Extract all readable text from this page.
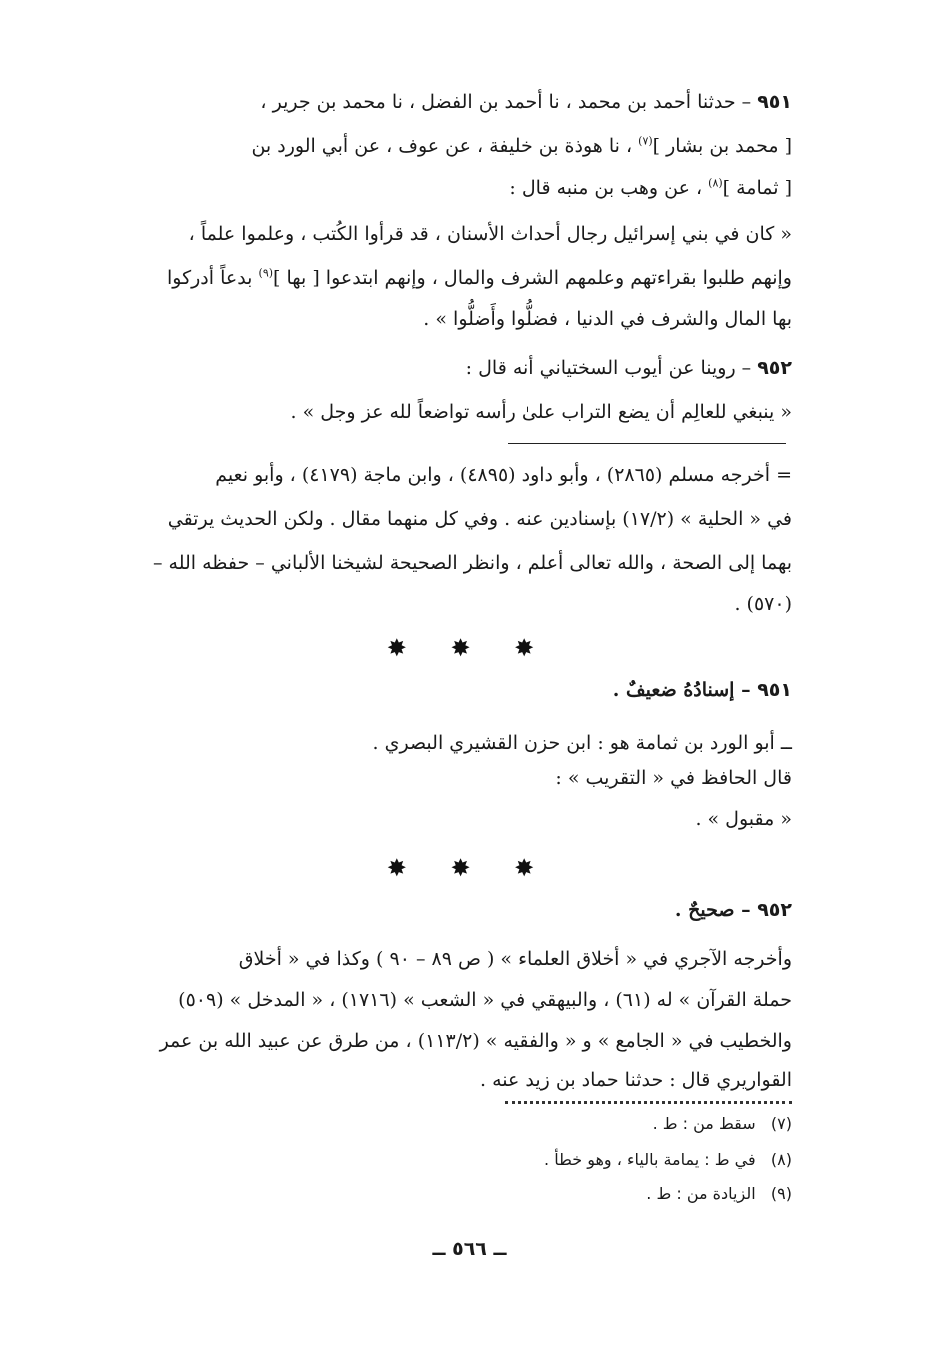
٩٥١ – حدثنا أحمد بن محمد ، نا أحمد بن الفضل ، نا محمد بن جرير ،
[ محمد بن بشار ]$^{(٧)}$ ، نا هوذة بن خليفة ، عن عوف ، عن أبي الورد بن
[ ثمامة ]$^{(٨)}$ ، عن وهب بن منبه قال :
« كان في بني إسرائيل رجال أحداث الأسنان ، قد قرأوا الكُتب ، وعلموا علماً ،
وإنهم طلبوا بقراءتهم وعلمهم الشرف والمال ، وإنهم ابتدعوا [ بها ]$^{(٩)}$ بدعاً أدركوا
بها المال والشرف في الدنيا ، فضلُّوا وأَضلُّوا » .
٩٥٢ – روينا عن أيوب السختياني أنه قال :
« ينبغي للعالِم أن يضع التراب علىٰ رأسه تواضعاً لله عز وجل » .
= أخرجه مسلم (٢٨٦٥) ، وأبو داود (٤٨٩٥) ، وابن ماجة (٤١٧٩) ، وأبو نعيم
في « الحلية » (١٧/٢) بإسنادين عنه . وفي كل منهما مقال . ولكن الحديث يرتقي
بهما إلى الصحة ، والله تعالى أعلم ، وانظر الصحيحة لشيخنا الألباني – حفظه الله –
(٥٧٠) .
✸ ✸ ✸
٩٥١ – إسنادُهُ ضعيفٌ .
ــ أبو الورد بن ثمامة هو : ابن حزن القشيري البصري .
قال الحافظ في « التقريب » :
« مقبول » .
✸ ✸ ✸
٩٥٢ – صحيحٌ .
وأخرجه الآجري في « أخلاق العلماء » ( ص ٨٩ – ٩٠ ) وكذا في « أخلاق
حملة القرآن » له (٦١) ، والبيهقي في « الشعب » (١٧١٦) ، « المدخل » (٥٠٩)
والخطيب في « الجامع » و « والفقيه » (١١٣/٢) ، من طرق عن عبيد الله بن عمر
القواريري قال : حدثنا حماد بن زيد عنه .
(٧)   سقط من : ط .
(٨)   في ط : يمامة بالياء ، وهو خطأ .
(٩)   الزيادة من : ط .
ــ ٥٦٦ ــ
